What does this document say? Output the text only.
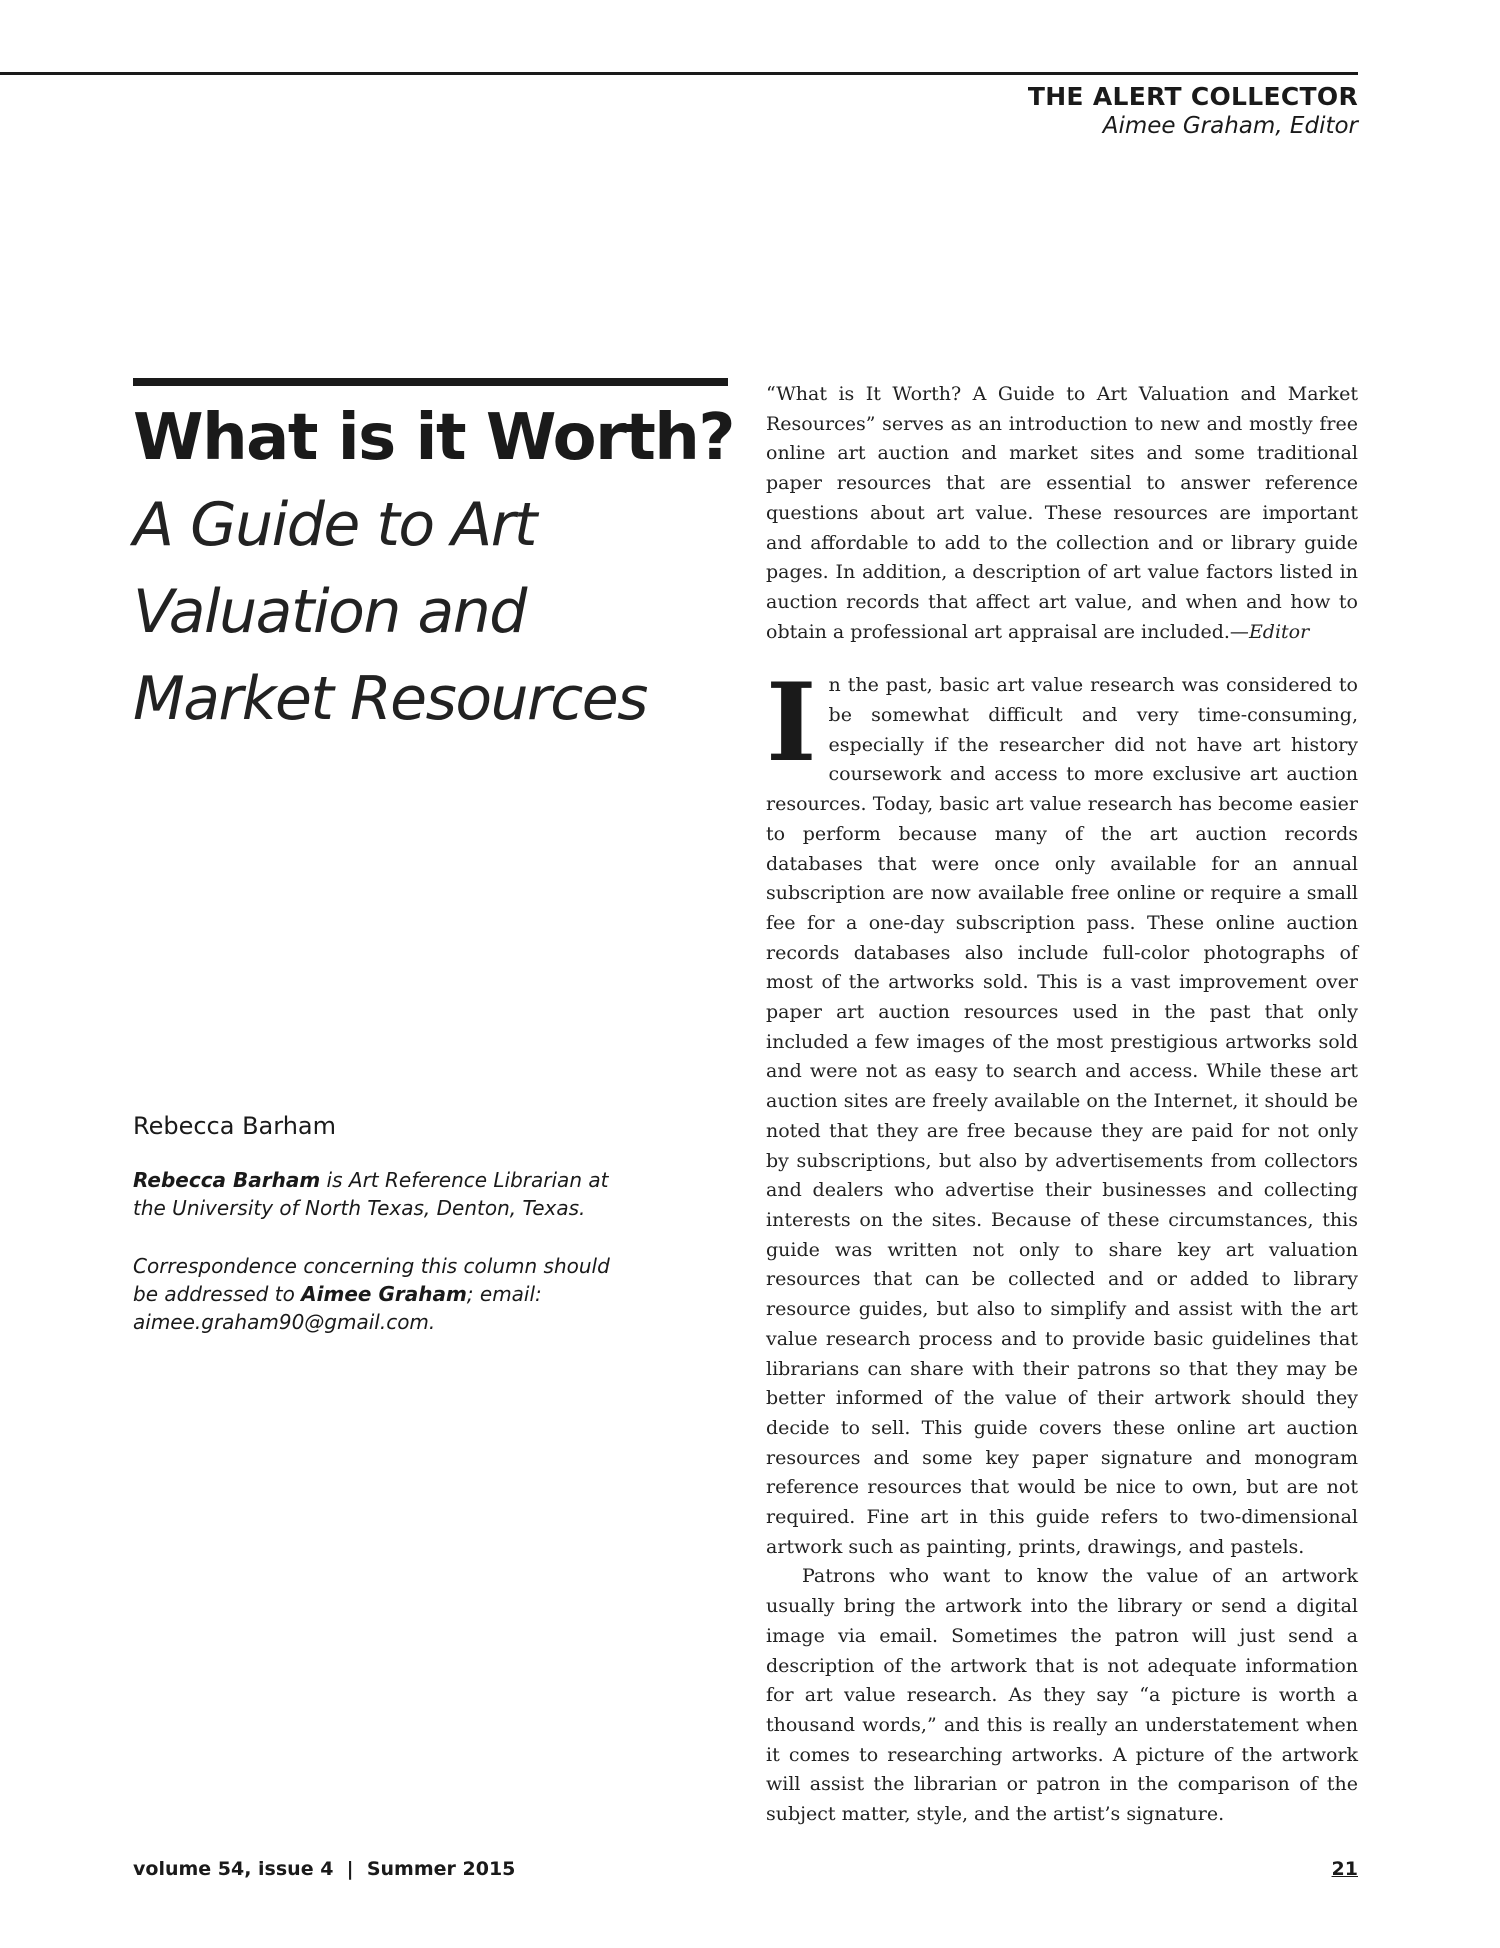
THE ALERT COLLECTOR
Aimee Graham, Editor
What is it Worth?
A Guide to Art
Valuation and
Market Resources
Rebecca Barham
Rebecca Barham is Art Reference Librarian at the University of North Texas, Denton, Texas.
Correspondence concerning this column should be addressed to Aimee Graham; email: aimee.graham90@gmail.com.

“What is It Worth? A Guide to Art Valuation and Market Resources” serves as an introduction to new and mostly free online art auction and market sites and some traditional paper resources that are essential to answer reference questions about art value. These resources are important and affordable to add to the collection and or library guide pages. In addition, a description of art value factors listed in auction records that affect art value, and when and how to obtain a professional art appraisal are included.—Editor

In the past, basic art value research was considered to be somewhat difficult and very time-consuming, especially if the researcher did not have art history coursework and access to more exclusive art auction resources. Today, basic art value research has become easier to perform because many of the art auction records databases that were once only available for an annual subscription are now available free online or require a small fee for a one-day subscription pass. These online auction records databases also include full-color photographs of most of the artworks sold. This is a vast improvement over paper art auction resources used in the past that only included a few images of the most prestigious artworks sold and were not as easy to search and access. While these art auction sites are freely available on the Internet, it should be noted that they are free because they are paid for not only by subscriptions, but also by advertisements from collectors and dealers who advertise their businesses and collecting interests on the sites. Because of these circumstances, this guide was written not only to share key art valuation resources that can be collected and or added to library resource guides, but also to simplify and assist with the art value research process and to provide basic guidelines that librarians can share with their patrons so that they may be better informed of the value of their artwork should they decide to sell. This guide covers these online art auction resources and some key paper signature and monogram reference resources that would be nice to own, but are not required. Fine art in this guide refers to two-dimensional artwork such as painting, prints, drawings, and pastels.

Patrons who want to know the value of an artwork usually bring the artwork into the library or send a digital image via email. Sometimes the patron will just send a description of the artwork that is not adequate information for art value research. As they say “a picture is worth a thousand words,” and this is really an understatement when it comes to researching artworks. A picture of the artwork will assist the librarian or patron in the comparison of the subject matter, style, and the artist’s signature.

volume 54, issue 4  |  Summer 2015	21
